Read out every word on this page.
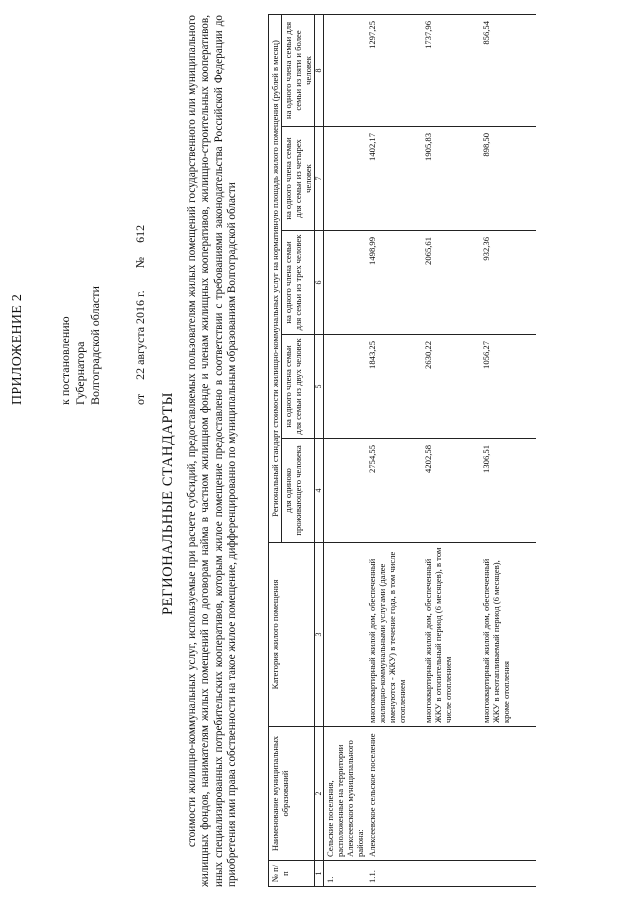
ПРИЛОЖЕНИЕ 2	к постановлению Губернатора Волгоградской области	от22 августа 2016 г.№612
РЕГИОНАЛЬНЫЕ СТАНДАРТЫ стоимости жилищно-коммунальных услуг, используемые при расчете субсидий, предоставляемых пользователям жилых помещений государственного или муниципального жилищных фондов, нанимателям жилых помещений по договорам найма в частном жилищном фонде и членам жилищных кооперативов, жилищно-строительных кооперативов, иных специализированных потребительских кооперативов, которым жилое помещение предоставлено в соответствии с требованиями законодательства Российской Федерации до приобретения ими права собственности на такое жилое помещение, дифференцированно по муниципальным образованиям Волгоградской области	№ п/п	Наименование муниципальных образований	Категория жилого помещения	Региональный стандарт стоимости жилищно-коммунальных услуг на нормативную площадь жилого помещения (рублей в месяц)				
			для одиноко проживающего человека	на одного члена семьи для семьи из двух человек	на одного члена семьи для семьи из трех человек	на одного члена семьи для семьи из четырех человек	на одного члена семьи для семьи из пяти и более человек
1	2	3	4	5	6	7	8
1.	Сельские поселения, расположенные на территории Алексеевского муниципального района:						
1.1.	Алексеевское сельское поселение	многоквартирный жилой дом, обеспеченный жилищно-коммунальными услугами (далее именуются - ЖКУ) в течение года, в том числе отоплением	2754,55	1843,25	1498,99	1402,17	1297,25
		многоквартирный жилой дом, обеспеченный ЖКУ в отопительный период (6 месяцев), в том числе отоплением	4202,58	2630,22	2065,61	1905,83	1737,96
		многоквартирный жилой дом, обеспеченный ЖКУ в неотапливаемый период (6 месяцев), кроме отопления	1306,51	1056,27	932,36	898,50	856,54
